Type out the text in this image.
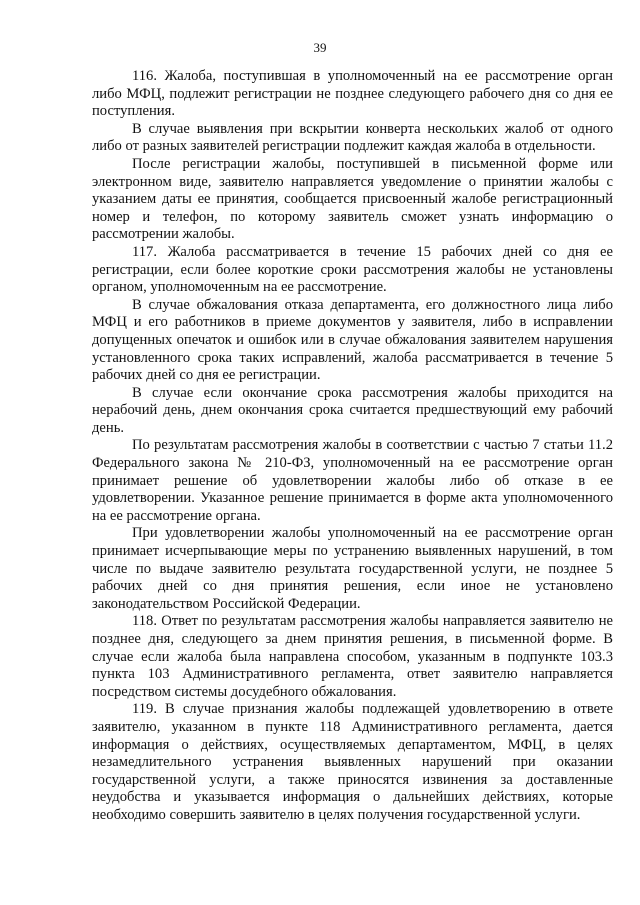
39

116. Жалоба, поступившая в уполномоченный на ее рассмотрение орган либо МФЦ, подлежит регистрации не позднее следующего рабочего дня со дня ее поступления.

В случае выявления при вскрытии конверта нескольких жалоб от одного либо от разных заявителей регистрации подлежит каждая жалоба в отдельности.

После регистрации жалобы, поступившей в письменной форме или электронном виде, заявителю направляется уведомление о принятии жалобы с указанием даты ее принятия, сообщается присвоенный жалобе регистрационный номер и телефон, по которому заявитель сможет узнать информацию о рассмотрении жалобы.

117. Жалоба рассматривается в течение 15 рабочих дней со дня ее регистрации, если более короткие сроки рассмотрения жалобы не установлены органом, уполномоченным на ее рассмотрение.

В случае обжалования отказа департамента, его должностного лица либо МФЦ и его работников в приеме документов у заявителя, либо в исправлении допущенных опечаток и ошибок или в случае обжалования заявителем нарушения установленного срока таких исправлений, жалоба рассматривается в течение 5 рабочих дней со дня ее регистрации.

В случае если окончание срока рассмотрения жалобы приходится на нерабочий день, днем окончания срока считается предшествующий ему рабочий день.

По результатам рассмотрения жалобы в соответствии с частью 7 статьи 11.2 Федерального закона № 210-ФЗ, уполномоченный на ее рассмотрение орган принимает решение об удовлетворении жалобы либо об отказе в ее удовлетворении. Указанное решение принимается в форме акта уполномоченного на ее рассмотрение органа.

При удовлетворении жалобы уполномоченный на ее рассмотрение орган принимает исчерпывающие меры по устранению выявленных нарушений, в том числе по выдаче заявителю результата государственной услуги, не позднее 5 рабочих дней со дня принятия решения, если иное не установлено законодательством Российской Федерации.

118. Ответ по результатам рассмотрения жалобы направляется заявителю не позднее дня, следующего за днем принятия решения, в письменной форме. В случае если жалоба была направлена способом, указанным в подпункте 103.3 пункта 103 Административного регламента, ответ заявителю направляется посредством системы досудебного обжалования.

119. В случае признания жалобы подлежащей удовлетворению в ответе заявителю, указанном в пункте 118 Административного регламента, дается информация о действиях, осуществляемых департаментом, МФЦ, в целях незамедлительного устранения выявленных нарушений при оказании государственной услуги, а также приносятся извинения за доставленные неудобства и указывается информация о дальнейших действиях, которые необходимо совершить заявителю в целях получения государственной услуги.
